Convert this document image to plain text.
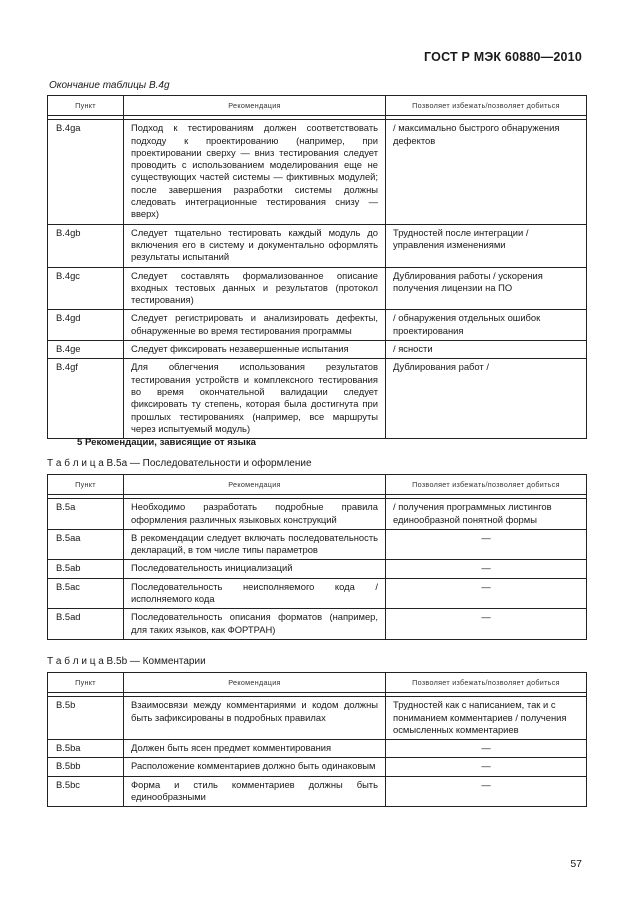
ГОСТ Р МЭК 60880—2010
Окончание таблицы B.4g
Пункт	Рекомендация	Позволяет избежать/позволяет добиться

B.4ga	Подход к тестированиям должен соответствовать подходу к проектированию (например, при проектировании сверху — вниз тестирования следует проводить с использованием моделирования еще не существующих частей системы — фиктивных модулей; после завершения разработки системы должны следовать интеграционные тестирования снизу — вверх)	/ максимально быстрого обнаружения дефектов
B.4gb	Следует тщательно тестировать каждый модуль до включения его в систему и документально оформлять результаты испытаний	Трудностей после интеграции / управления изменениями
B.4gc	Следует составлять формализованное описание входных тестовых данных и результатов (протокол тестирования)	Дублирования работы / ускорения получения лицензии на ПО
B.4gd	Следует регистрировать и анализировать дефекты, обнаруженные во время тестирования программы	/ обнаружения отдельных ошибок проектирования
B.4ge	Следует фиксировать незавершенные испытания	/ ясности
B.4gf	Для облегчения использования результатов тестирования устройств и комплексного тестирования во время окончательной валидации следует фиксировать ту степень, которая была достигнута при прошлых тестированиях (например, все маршруты через испытуемый модуль)	Дублирования работ /
5 Рекомендации, зависящие от языка
Т а б л и ц а B.5a — Последовательности и оформление
Пункт	Рекомендация	Позволяет избежать/позволяет добиться

B.5a	Необходимо разработать подробные правила оформления различных языковых конструкций	/ получения программных листингов единообразной понятной формы
B.5aa	В рекомендации следует включать последовательность деклараций, в том числе типы параметров	—
B.5ab	Последовательность инициализаций	—
B.5ac	Последовательность неисполняемого кода / исполняемого кода	—
B.5ad	Последовательность описания форматов (например, для таких языков, как ФОРТРАН)	—
Т а б л и ц а B.5b — Комментарии
Пункт	Рекомендация	Позволяет избежать/позволяет добиться

B.5b	Взаимосвязи между комментариями и кодом должны быть зафиксированы в подробных правилах	Трудностей как с написанием, так и с пониманием комментариев / получения осмысленных комментариев
B.5ba	Должен быть ясен предмет комментирования	—
B.5bb	Расположение комментариев должно быть одинаковым	—
B.5bc	Форма и стиль комментариев должны быть единообразными	—
57
